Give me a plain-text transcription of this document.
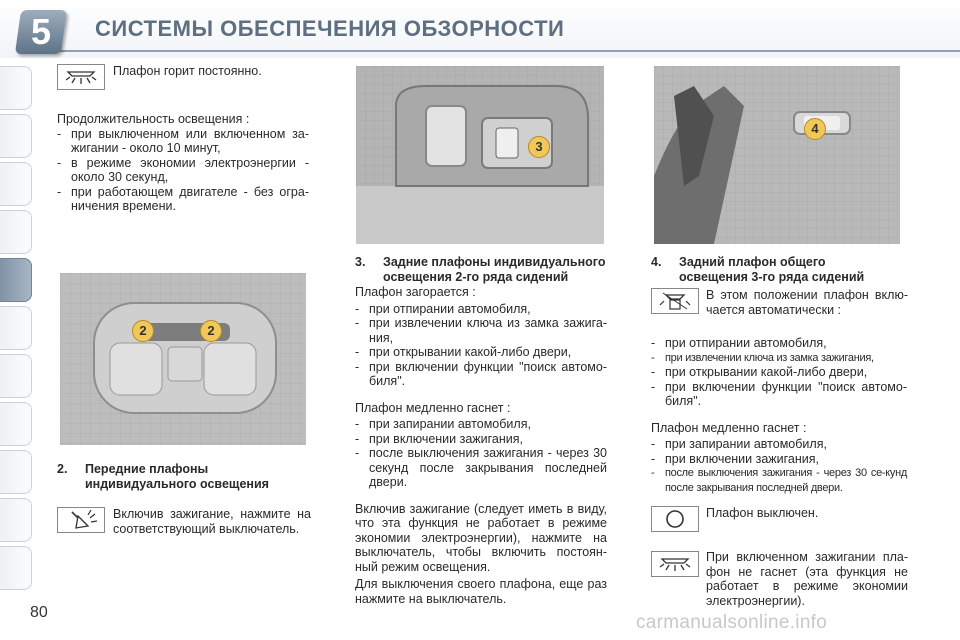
5	СИСТЕМЫ ОБЕСПЕЧЕНИЯ ОБЗОРНОСТИ
Плафон горит постоянно.

Продолжительность освещения :

- при выключенном или включенном за-жигании - около 10 минут,
- в режиме экономии электроэнергии - около 30 секунд,
- при работающем двигателе - без огра-ничения времени.
2	2
2. Передние плафоны
индивидуального освещения
Включив зажигание, нажмите на соответствующий выключатель.
3
3. Задние плафоны индивидуального
освещения 2-го ряда сидений

Плафон загорается :

- при отпирании автомобиля,
- при извлечении ключа из замка зажига-ния,
- при открывании какой-либо двери,
- при включении функции "поиск автомо-биля".

Плафон медленно гаснет :

- при запирании автомобиля,
- при включении зажигания,
- после выключения зажигания - через 30 секунд после закрывания последней двери.

Включив зажигание (следует иметь в виду, что эта функция не работает в режиме экономии электроэнергии), нажмите на выключатель, чтобы включить постоян-ный режим освещения.

Для выключения своего плафона, еще раз нажмите на выключатель.

4
4. Задний плафон общего
освещения 3-го ряда сидений
В этом положении плафон вклю-чается автоматически :
- при отпирании автомобиля,
- при извлечении ключа из замка зажигания,
- при открывании какой-либо двери,
- при включении функции "поиск автомо-биля".

Плафон медленно гаснет :

- при запирании автомобиля,
- при включении зажигания,
- после выключения зажигания - через 30 се-кунд после закрывания последней двери.
Плафон выключен.
При включенном зажигании пла-фон не гаснет (эта функция не работает в режиме экономии электроэнергии).
80	carmanualsonline.info
